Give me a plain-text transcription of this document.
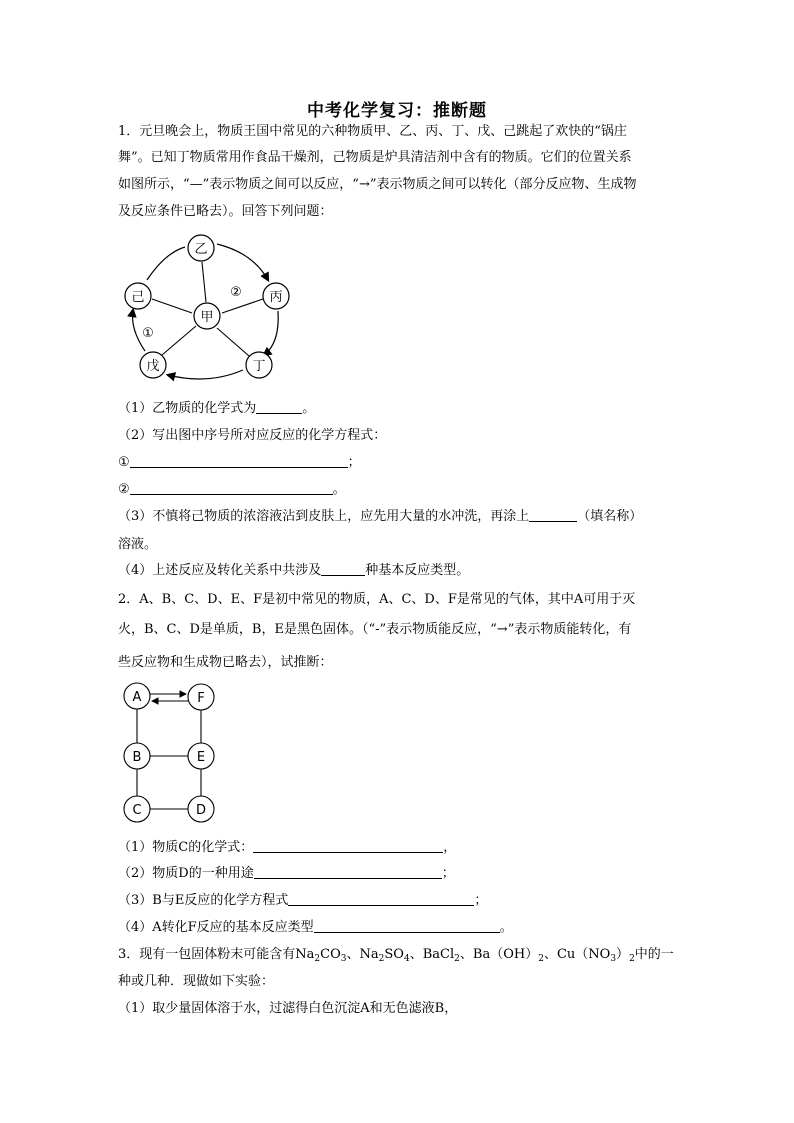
中考化学复习：推断题
1．元旦晚会上，物质王国中常见的六种物质甲、乙、丙、丁、戊、己跳起了欢快的“锅庄
舞”。已知丁物质常用作食品干燥剂，己物质是炉具清洁剂中含有的物质。它们的位置关系
如图所示，“—”表示物质之间可以反应，“→”表示物质之间可以转化（部分反应物、生成物
及反应条件已略去）。回答下列问题：
乙
丙
丁
戊
己
甲
①
②
（1）乙物质的化学式为	。
（2）写出图中序号所对应反应的化学方程式：
①	；
②	。
（3）不慎将己物质的浓溶液沾到皮肤上，应先用大量的水冲洗，再涂上	（填名称）
溶液。
（4）上述反应及转化关系中共涉及	种基本反应类型。
2．A、B、C、D、E、F是初中常见的物质，A、C、D、F是常见的气体，其中A可用于灭
火，B、C、D是单质，B，E是黑色固体。（“-”表示物质能反应，“→”表示物质能转化，有
些反应物和生成物已略去），试推断：
A	F
B	E
C	D
（1）物质C的化学式：	，
（2）物质D的一种用途	；
（3）B与E反应的化学方程式	；
（4）A转化F反应的基本反应类型	。
3．现有一包固体粉末可能含有$Na_2CO_3$、$Na_2SO_4$、BaCl$_2$、$Ba(OH)_2$、$Cu(NO_3)_2$中的一
种或几种．现做如下实验：
（1）取少量固体溶于水，过滤得白色沉淀A和无色滤液B，
